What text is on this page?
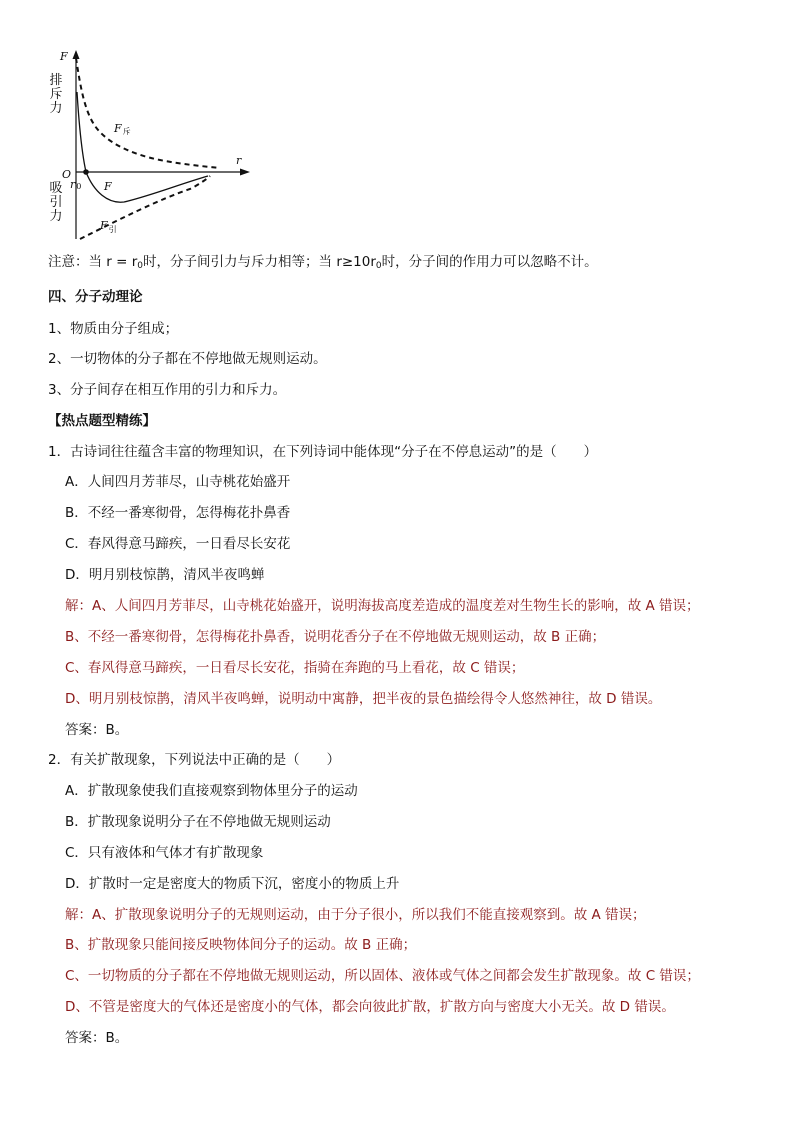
F
O
r
r0
F斥
F
$F_引$
排斥力
吸引力
注意：当 $r = r_0$时，分子间引力与斥力相等；当 $r\ge 10r_0$时，分子间的作用力可以忽略不计。
四、分子动理论
1、物质由分子组成；
2、一切物体的分子都在不停地做无规则运动。
3、分子间存在相互作用的引力和斥力。
【热点题型精练】
1．古诗词往往蕴含丰富的物理知识，在下列诗词中能体现“分子在不停息运动”的是（　　）
A．人间四月芳菲尽，山寺桃花始盛开
B．不经一番寒彻骨，怎得梅花扑鼻香
C．春风得意马蹄疾，一日看尽长安花
D．明月别枝惊鹊，清风半夜鸣蝉
解：A、人间四月芳菲尽，山寺桃花始盛开，说明海拔高度差造成的温度差对生物生长的影响，故 A 错误；
B、不经一番寒彻骨，怎得梅花扑鼻香，说明花香分子在不停地做无规则运动，故 B 正确；
C、春风得意马蹄疾，一日看尽长安花，指骑在奔跑的马上看花，故 C 错误；
D、明月别枝惊鹊，清风半夜鸣蝉，说明动中寓静，把半夜的景色描绘得令人悠然神往，故 D 错误。
答案：B。
2．有关扩散现象，下列说法中正确的是（　　）
A．扩散现象使我们直接观察到物体里分子的运动
B．扩散现象说明分子在不停地做无规则运动
C．只有液体和气体才有扩散现象
D．扩散时一定是密度大的物质下沉，密度小的物质上升
解：A、扩散现象说明分子的无规则运动，由于分子很小，所以我们不能直接观察到。故 A 错误；
B、扩散现象只能间接反映物体间分子的运动。故 B 正确；
C、一切物质的分子都在不停地做无规则运动，所以固体、液体或气体之间都会发生扩散现象。故 C 错误；
D、不管是密度大的气体还是密度小的气体，都会向彼此扩散，扩散方向与密度大小无关。故 D 错误。
答案：B。
